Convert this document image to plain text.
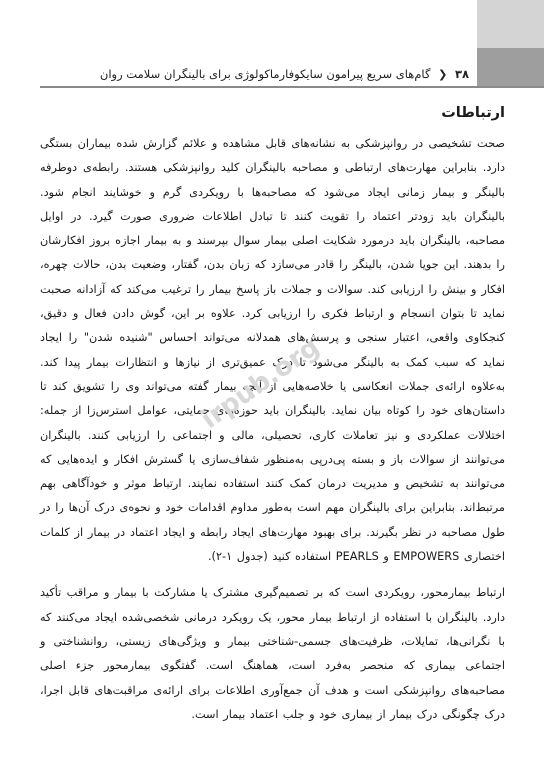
۳۸ ❮ گام‌های سریع پیرامون سایکوفارماکولوژی برای بالینگران سلامت روان
ارتباطات

صحت تشخیصی در روانپزشکی به نشانه‌های قابل مشاهده و علائم گزارش شده بیماران بستگی دارد. بنابراین مهارت‌های ارتباطی و مصاحبه بالینگران کلید روانپزشکی هستند. رابطه‌ی دوطرفه بالینگر و بیمار زمانی ایجاد می‌شود که مصاحبه‌ها با رویکردی گرم و خوشایند انجام شود. بالینگران باید زودتر اعتماد را تقویت کنند تا تبادل اطلاعات ضروری صورت گیرد. در اوایل مصاحبه، بالینگران باید درمورد شکایت اصلی بیمار سوال بپرسند و به بیمار اجازه بروز افکارشان را بدهند. این جویا شدن، بالینگر را قادر می‌سازد که زبان بدن، گفتار، وضعیت بدن، حالات چهره، افکار و بینش را ارزیابی کند. سوالات و جملات باز پاسخ بیمار را ترغیب می‌کند که آزادانه صحبت نماید تا بتوان انسجام و ارتباط فکری را ارزیابی کرد. علاوه بر این، گوش دادن فعال و دقیق، کنجکاوی واقعی، اعتبار سنجی و پرسش‌های همدلانه می‌تواند احساس "شنیده شدن" را ایجاد نماید که سبب کمک به بالینگر می‌شود تا درک عمیق‌تری از نیازها و انتظارات بیمار پیدا کند. به‌علاوه ارائه‌ی جملات انعکاسی یا خلاصه‌هایی از آنچه بیمار گفته می‌تواند وی را تشویق کند تا داستان‌های خود را کوتاه بیان نماید. بالینگران باید حوزه‌های حمایتی، عوامل استرس‌زا از جمله: اختلالات عملکردی و نیز تعاملات کاری، تحصیلی، مالی و اجتماعی را ارزیابی کنند. بالینگران می‌توانند از سوالات باز و بسته پی‌درپی به‌منظور شفاف‌سازی یا گسترش افکار و ایده‌هایی که می‌توانند به تشخیص و مدیریت درمان کمک کنند استفاده نمایند. ارتباط موثر و خودآگاهی بهم مرتبط‌اند. بنابراین برای بالینگران مهم است به‌طور مداوم اقدامات خود و نحوه‌ی درک آن‌ها را در طول مصاحبه در نظر بگیرند. برای بهبود مهارت‌های ایجاد رابطه و ایجاد اعتماد در بیمار از کلمات اختصاری EMPOWERS و PEARLS استفاده کنید (جدول ۱-۲).

ارتباط بیمارمحور، رویکردی است که بر تصمیم‌گیری مشترک یا مشارکت با بیمار و مراقب تأکید دارد. بالینگران با استفاده از ارتباط بیمار محور، یک رویکرد درمانی شخصی‌شده ایجاد می‌کنند که با نگرانی‌ها، تمایلات، ظرفیت‌های جسمی-شناختی بیمار و ویژگی‌های زیستی، روانشناختی و اجتماعی بیماری که منحصر به‌فرد است، هماهنگ است. گفتگوی بیمارمحور جزء اصلی مصاحبه‌های روانپزشکی است و هدف آن جمع‌آوری اطلاعات برای ارائه‌ی مراقبت‌های قابل اجرا، درک چگونگی درک بیمار از بیماری خود و جلب اعتماد بیمار است.

irpub.org
